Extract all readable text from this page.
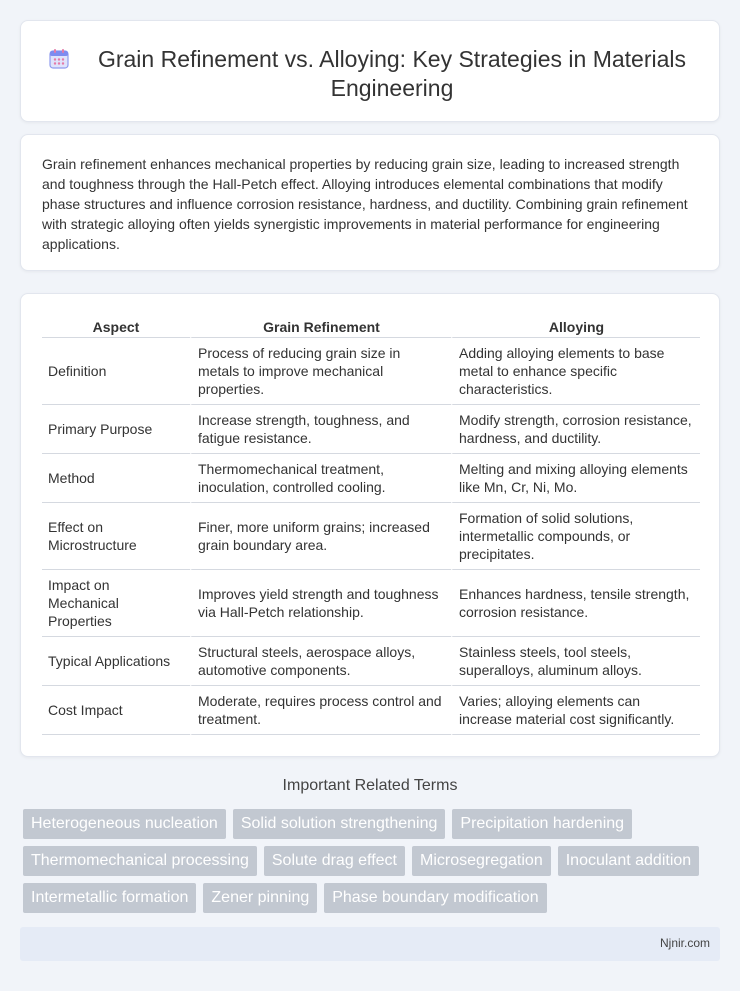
Grain Refinement vs. Alloying: Key Strategies in Materials Engineering

Grain refinement enhances mechanical properties by reducing grain size, leading to increased strength and toughness through the Hall-Petch effect. Alloying introduces elemental combinations that modify phase structures and influence corrosion resistance, hardness, and ductility. Combining grain refinement with strategic alloying often yields synergistic improvements in material performance for engineering applications.

Aspect	Grain Refinement	Alloying
Definition	Process of reducing grain size in metals to improve mechanical properties.	Adding alloying elements to base metal to enhance specific characteristics.
Primary Purpose	Increase strength, toughness, and fatigue resistance.	Modify strength, corrosion resistance, hardness, and ductility.
Method	Thermomechanical treatment, inoculation, controlled cooling.	Melting and mixing alloying elements like Mn, Cr, Ni, Mo.
Effect on Microstructure	Finer, more uniform grains; increased grain boundary area.	Formation of solid solutions, intermetallic compounds, or precipitates.
Impact on Mechanical Properties	Improves yield strength and toughness via Hall-Petch relationship.	Enhances hardness, tensile strength, corrosion resistance.
Typical Applications	Structural steels, aerospace alloys, automotive components.	Stainless steels, tool steels, superalloys, aluminum alloys.
Cost Impact	Moderate, requires process control and treatment.	Varies; alloying elements can increase material cost significantly.
Important Related Terms
Heterogeneous nucleation	Solid solution strengthening	Precipitation hardening
Thermomechanical processing	Solute drag effect	Microsegregation	Inoculant addition
Intermetallic formation	Zener pinning	Phase boundary modification
Njnir.com
